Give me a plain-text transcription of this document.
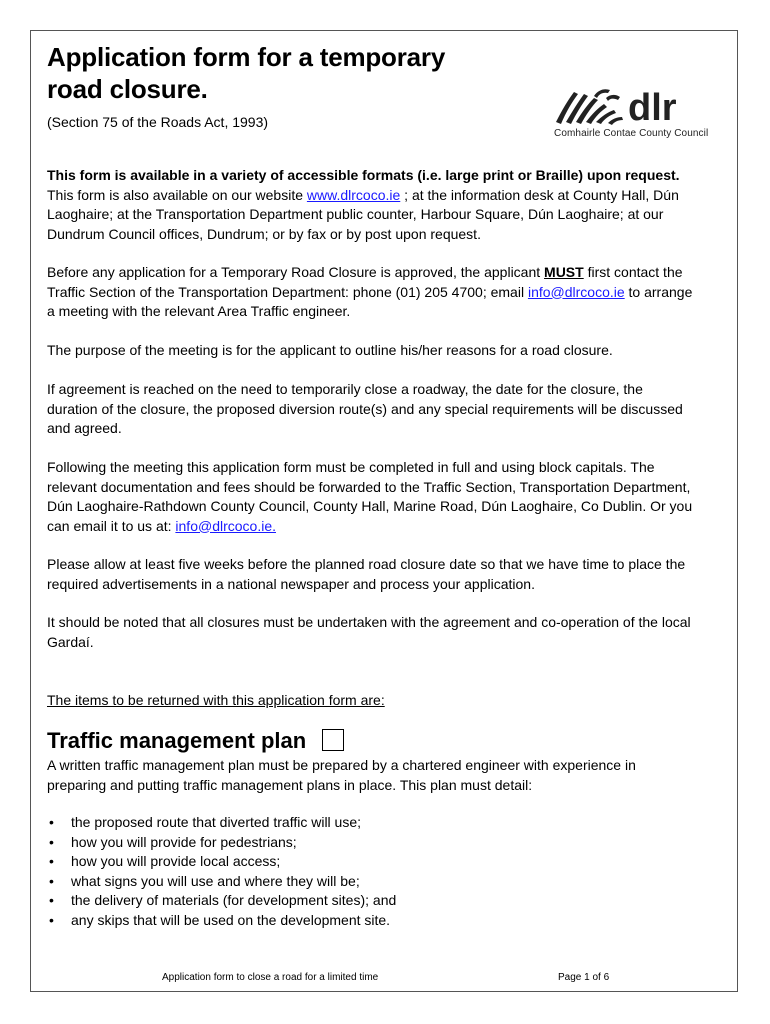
Application form for a temporary
road closure.
(Section 75 of the Roads Act, 1993)	dlr
Comhairle Contae County Council
This form is available in a variety of accessible formats (i.e. large print or Braille) upon request. This form is also available on our website www.dlrcoco.ie ; at the information desk at County Hall, Dún Laoghaire; at the Transportation Department public counter, Harbour Square, Dún Laoghaire; at our Dundrum Council offices, Dundrum; or by fax or by post upon request.
Before any application for a Temporary Road Closure is approved, the applicant MUST first contact the Traffic Section of the Transportation Department: phone (01) 205 4700; email info@dlrcoco.ie to arrange a meeting with the relevant Area Traffic engineer.
The purpose of the meeting is for the applicant to outline his/her reasons for a road closure.
If agreement is reached on the need to temporarily close a roadway, the date for the closure, the duration of the closure, the proposed diversion route(s) and any special requirements will be discussed and agreed.
Following the meeting this application form must be completed in full and using block capitals. The relevant documentation and fees should be forwarded to the Traffic Section, Transportation Department, Dún Laoghaire-Rathdown County Council, County Hall, Marine Road, Dún Laoghaire, Co Dublin. Or you can email it to us at: info@dlrcoco.ie.
Please allow at least five weeks before the planned road closure date so that we have time to place the required advertisements in a national newspaper and process your application.
It should be noted that all closures must be undertaken with the agreement and co-operation of the local Gardaí.
The items to be returned with this application form are:
Traffic management plan
A written traffic management plan must be prepared by a chartered engineer with experience in preparing and putting traffic management plans in place. This plan must detail:
• the proposed route that diverted traffic will use;
• how you will provide for pedestrians;
• how you will provide local access;
• what signs you will use and where they will be;
• the delivery of materials (for development sites); and
• any skips that will be used on the development site.
Application form to close a road for a limited time	Page 1 of 6
